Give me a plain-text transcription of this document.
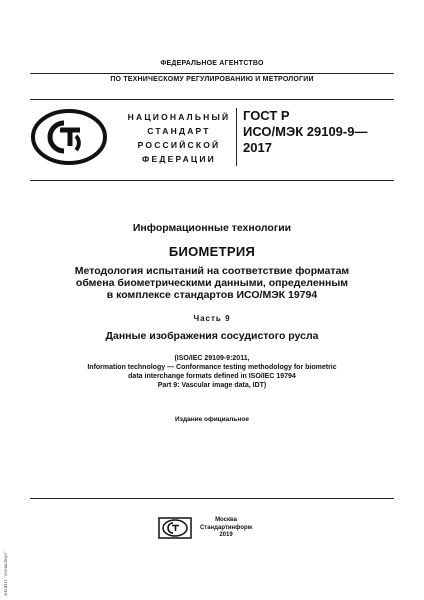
ФЕДЕРАЛЬНОЕ АГЕНТСТВО
ПО ТЕХНИЧЕСКОМУ РЕГУЛИРОВАНИЮ И МЕТРОЛОГИИ
НАЦИОНАЛЬНЫЙ
СТАНДАРТ
РОССИЙСКОЙ
ФЕДЕРАЦИИ
ГОСТ Р
ИСО/МЭК 29109-9—
2017
Информационные технологии
БИОМЕТРИЯ
Методология испытаний на соответствие форматам
обмена биометрическими данными, определенным
в комплексе стандартов ИСО/МЭК 19794
Часть 9
Данные изображения сосудистого русла
(ISO/IEC 29109-9:2011,
Information technology — Conformance testing methodology for biometric
data interchange formats defined in ISO/IEC 19794
Part 9: Vascular image data, IDT)
Издание официальное
Москва
Стандартинформ
2019
ЭЛПИП "Техэксперт"
